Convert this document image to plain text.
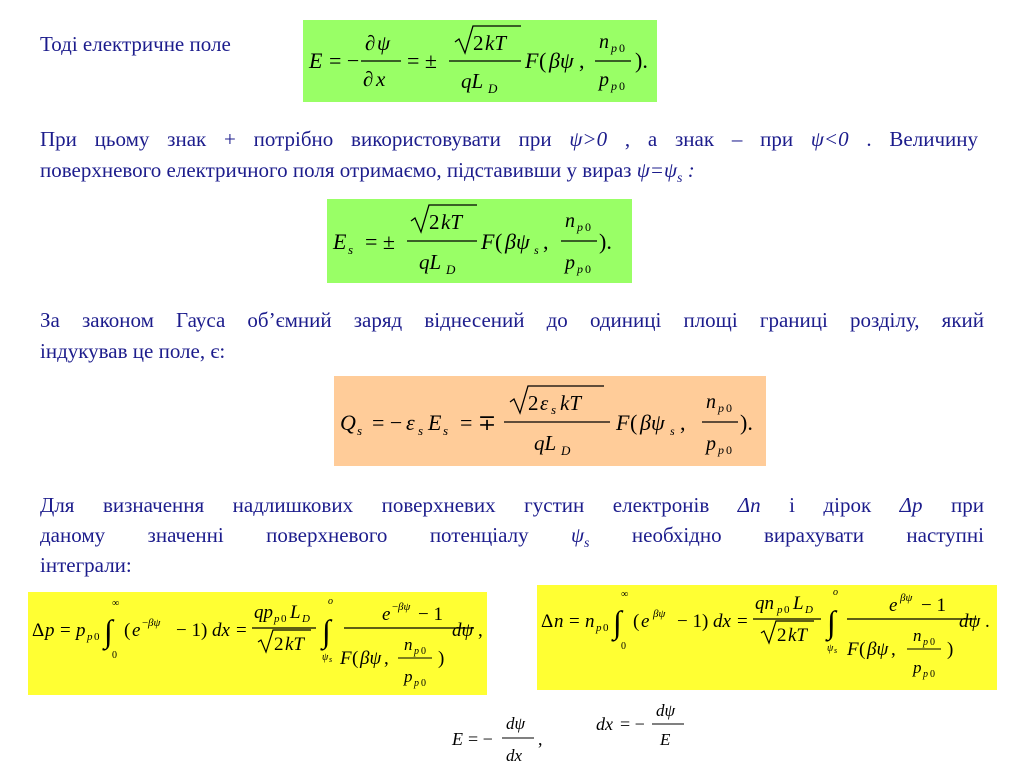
Тоді електричне поле
E = −
∂ ψ
∂ x
= ±
2 kT
qL D
F ( βψ ,
n p 0
p p 0
).
При цьому знак + потрібно використовувати при ψ>0 , а знак – при ψ<0 . Величину
поверхневого електричного поля отримаємо, підставивши у вираз $\psi=\psi_s$ :
E s = ±
2 kT
qL D
F ( βψ s ,
n p 0
p p 0
).
За законом Гауса об’ємний заряд віднесений до одиниці площі границі розділу, який
індукував це поле, є:
Q s = − ε s E s = ∓
2 ε s kT
qL D
F ( βψ s ,
n p 0
p p 0
).
Для визначення надлишкових поверхневих густин електронів Δn і дірок Δp при
даному значенні поверхневого потенціалу $\psi_s$ необхідно вирахувати наступні
інтеграли:
Δ p = p p 0 ∫
∞
0
( e − βψ − 1) dx =
qp p 0 L D
2 kT ∫
o
ψ s
e − βψ − 1
F ( βψ ,
n p 0
p p 0
)
dψ ,	Δ n = n p 0 ∫
∞
0
( e βψ − 1) dx =
qn p 0 L D
2 kT ∫
o
ψ s
e βψ − 1
F ( βψ ,
n p 0
p p 0
)
dψ .
E = −
dψ
dx
,
dx = −
dψ
E
